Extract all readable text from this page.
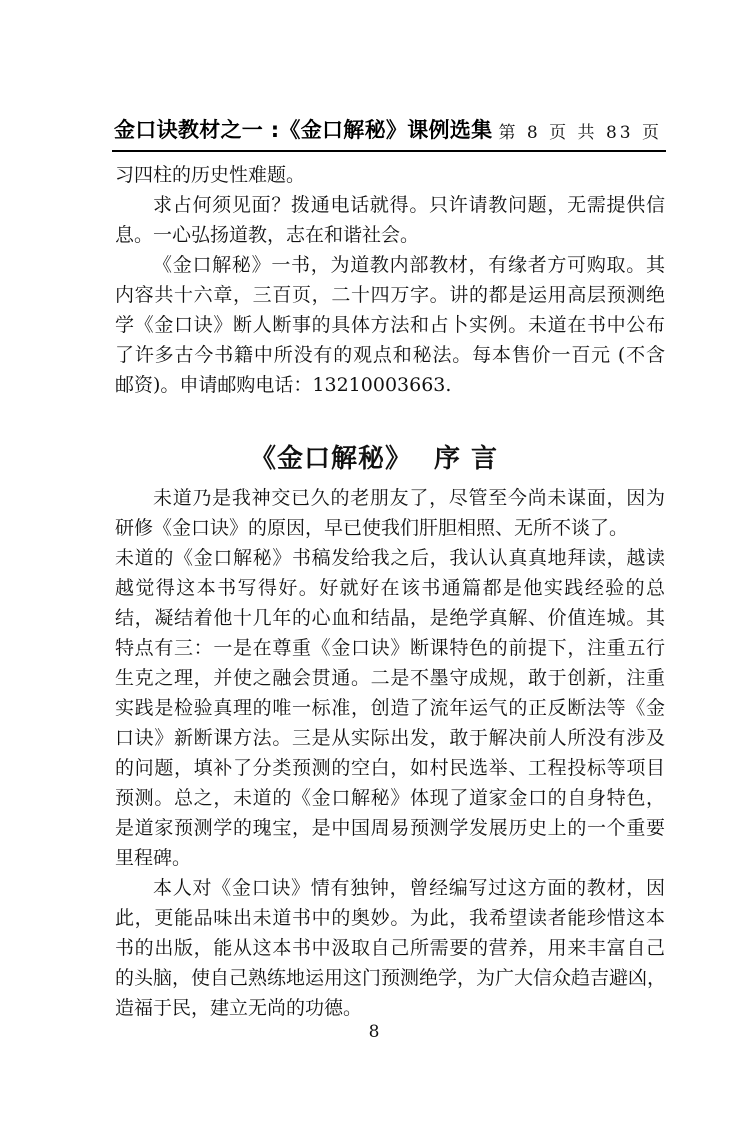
金口诀教材之一 :《金口解秘》课例选集 第 8 页 共 83 页
习四柱的历史性难题。
求占何须见面？拨通电话就得。只许请教问题，无需提供信
息。一心弘扬道教，志在和谐社会。
《金口解秘》一书，为道教内部教材，有缘者方可购取。其
内容共十六章，三百页，二十四万字。讲的都是运用高层预测绝
学《金口诀》断人断事的具体方法和占卜实例。未道在书中公布
了许多古今书籍中所没有的观点和秘法。每本售价一百元 (不含
邮资)。申请邮购电话：13210003663.
《金口解秘》 序 言
未道乃是我神交已久的老朋友了，尽管至今尚未谋面，因为
研修《金口诀》的原因，早已使我们肝胆相照、无所不谈了。
未道的《金口解秘》书稿发给我之后，我认认真真地拜读，越读
越觉得这本书写得好。好就好在该书通篇都是他实践经验的总
结，凝结着他十几年的心血和结晶，是绝学真解、价值连城。其
特点有三：一是在尊重《金口诀》断课特色的前提下，注重五行
生克之理，并使之融会贯通。二是不墨守成规，敢于创新，注重
实践是检验真理的唯一标准，创造了流年运气的正反断法等《金
口诀》新断课方法。三是从实际出发，敢于解决前人所没有涉及
的问题，填补了分类预测的空白，如村民选举、工程投标等项目
预测。总之，未道的《金口解秘》体现了道家金口的自身特色，
是道家预测学的瑰宝，是中国周易预测学发展历史上的一个重要
里程碑。
本人对《金口诀》情有独钟，曾经编写过这方面的教材，因
此，更能品味出未道书中的奥妙。为此，我希望读者能珍惜这本
书的出版，能从这本书中汲取自己所需要的营养，用来丰富自己
的头脑，使自己熟练地运用这门预测绝学，为广大信众趋吉避凶，
造福于民，建立无尚的功德。
8
